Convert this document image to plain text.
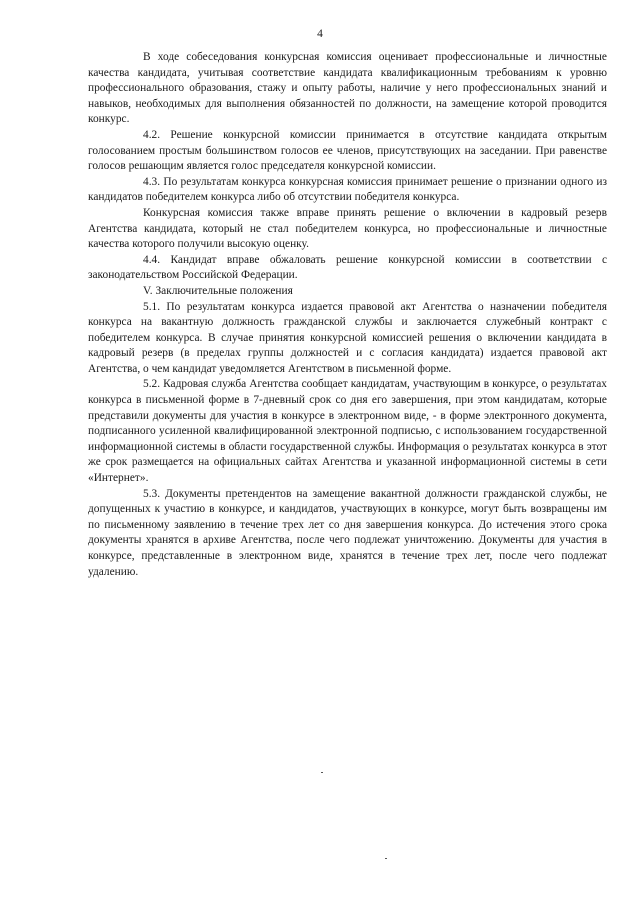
4

В ходе собеседования конкурсная комиссия оценивает профессиональные и личностные качества кандидата, учитывая соответствие кандидата квалификационным требованиям к уровню профессионального образования, стажу и опыту работы, наличие у него профессиональных знаний и навыков, необходимых для выполнения обязанностей по должности, на замещение которой проводится конкурс.

4.2. Решение конкурсной комиссии принимается в отсутствие кандидата открытым голосованием простым большинством голосов ее членов, присутствующих на заседании. При равенстве голосов решающим является голос председателя конкурсной комиссии.

4.3. По результатам конкурса конкурсная комиссия принимает решение о признании одного из кандидатов победителем конкурса либо об отсутствии победителя конкурса.

Конкурсная комиссия также вправе принять решение о включении в кадровый резерв Агентства кандидата, который не стал победителем конкурса, но профессиональные и личностные качества которого получили высокую оценку.

4.4. Кандидат вправе обжаловать решение конкурсной комиссии в соответствии с законодательством Российской Федерации.

V. Заключительные положения

5.1. По результатам конкурса издается правовой акт Агентства о назначении победителя конкурса на вакантную должность гражданской службы и заключается служебный контракт с победителем конкурса. В случае принятия конкурсной комиссией решения о включении кандидата в кадровый резерв (в пределах группы должностей и с согласия кандидата) издается правовой акт Агентства, о чем кандидат уведомляется Агентством в письменной форме.

5.2. Кадровая служба Агентства сообщает кандидатам, участвующим в конкурсе, о результатах конкурса в письменной форме в 7-дневный срок со дня его завершения, при этом кандидатам, которые представили документы для участия в конкурсе в электронном виде, - в форме электронного документа, подписанного усиленной квалифицированной электронной подписью, с использованием государственной информационной системы в области государственной службы. Информация о результатах конкурса в этот же срок размещается на официальных сайтах Агентства и указанной информационной системы в сети «Интернет».

5.3. Документы претендентов на замещение вакантной должности гражданской службы, не допущенных к участию в конкурсе, и кандидатов, участвующих в конкурсе, могут быть возвращены им по письменному заявлению в течение трех лет со дня завершения конкурса. До истечения этого срока документы хранятся в архиве Агентства, после чего подлежат уничтожению. Документы для участия в конкурсе, представленные в электронном виде, хранятся в течение трех лет, после чего подлежат удалению.
